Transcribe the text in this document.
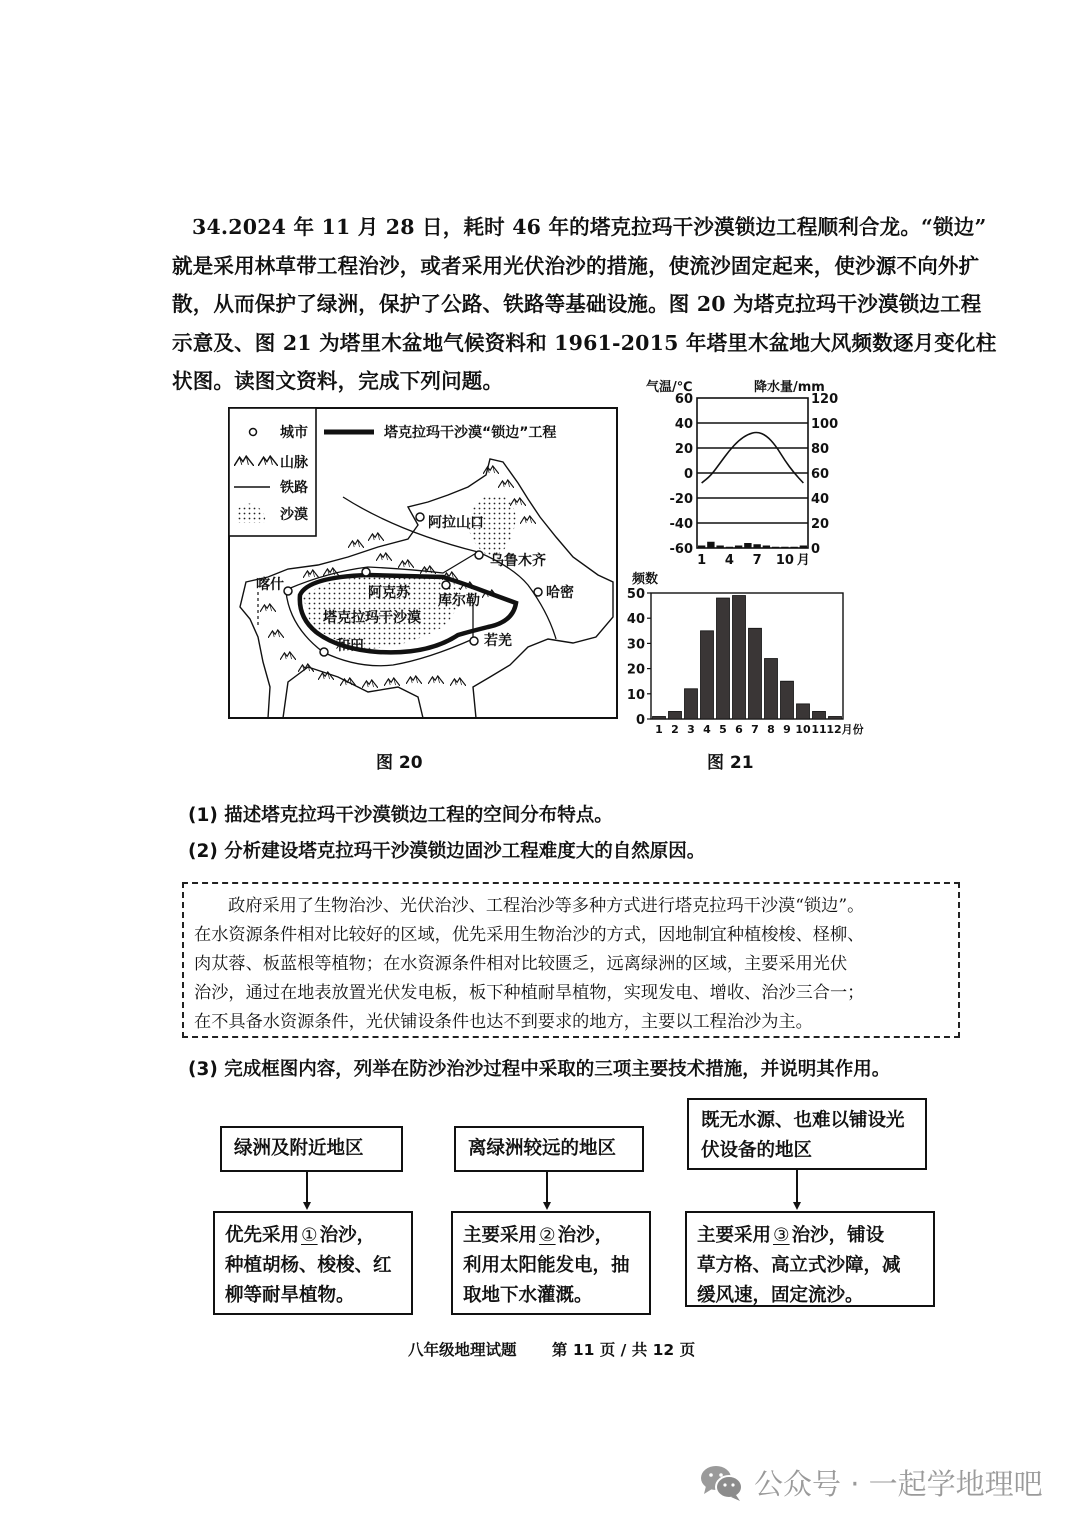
34.2024 年 11 月 28 日，耗时 46 年的塔克拉玛干沙漠锁边工程顺利合龙。“锁边”

就是采用林草带工程治沙，或者采用光伏治沙的措施，使流沙固定起来，使沙源不向外扩

散，从而保护了绿洲，保护了公路、铁路等基础设施。图 20 为塔克拉玛干沙漠锁边工程

示意及、图 21 为塔里木盆地气候资料和 1961-2015 年塔里木盆地大风频数逐月变化柱

状图。读图文资料，完成下列问题。

城市
山脉
铁路
沙漠
塔克拉玛干沙漠“锁边”工程
阿拉山口
乌鲁木齐
哈密
喀什	阿克苏 库尔勒
塔克拉玛干沙漠
和田	若羌
气温/℃	降水量/mm
-60	0
-40	20
-20	40
0	60
20	80
40	100
60	120
1 4 7 10 月
频数
0
10
20
30
40
50
1 2 3 4 5 6 7 8 9 10 11 12月份
图 20	图 21
(1) 描述塔克拉玛干沙漠锁边工程的空间分布特点。
(2) 分析建设塔克拉玛干沙漠锁边固沙工程难度大的自然原因。

政府采用了生物治沙、光伏治沙、工程治沙等多种方式进行塔克拉玛干沙漠“锁边”。

在水资源条件相对比较好的区域，优先采用生物治沙的方式，因地制宜种植梭梭、柽柳、

肉苁蓉、板蓝根等植物；在水资源条件相对比较匮乏，远离绿洲的区域，主要采用光伏

治沙，通过在地表放置光伏发电板，板下种植耐旱植物，实现发电、增收、治沙三合一；

在不具备水资源条件，光伏铺设条件也达不到要求的地方，主要以工程治沙为主。

(3) 完成框图内容，列举在防沙治沙过程中采取的三项主要技术措施，并说明其作用。
绿洲及附近地区
优先采用 ① 治沙，
种植胡杨、梭梭、红
柳等耐旱植物。
离绿洲较远的地区
主要采用 ② 治沙，
利用太阳能发电，抽
取地下水灌溉。
既无水源、也难以铺设光
伏设备的地区
主要采用 ③ 治沙，铺设
草方格、高立式沙障，减
缓风速，固定流沙。
八年级地理试题 第 11 页 / 共 12 页
公众号 · 一起学地理吧
